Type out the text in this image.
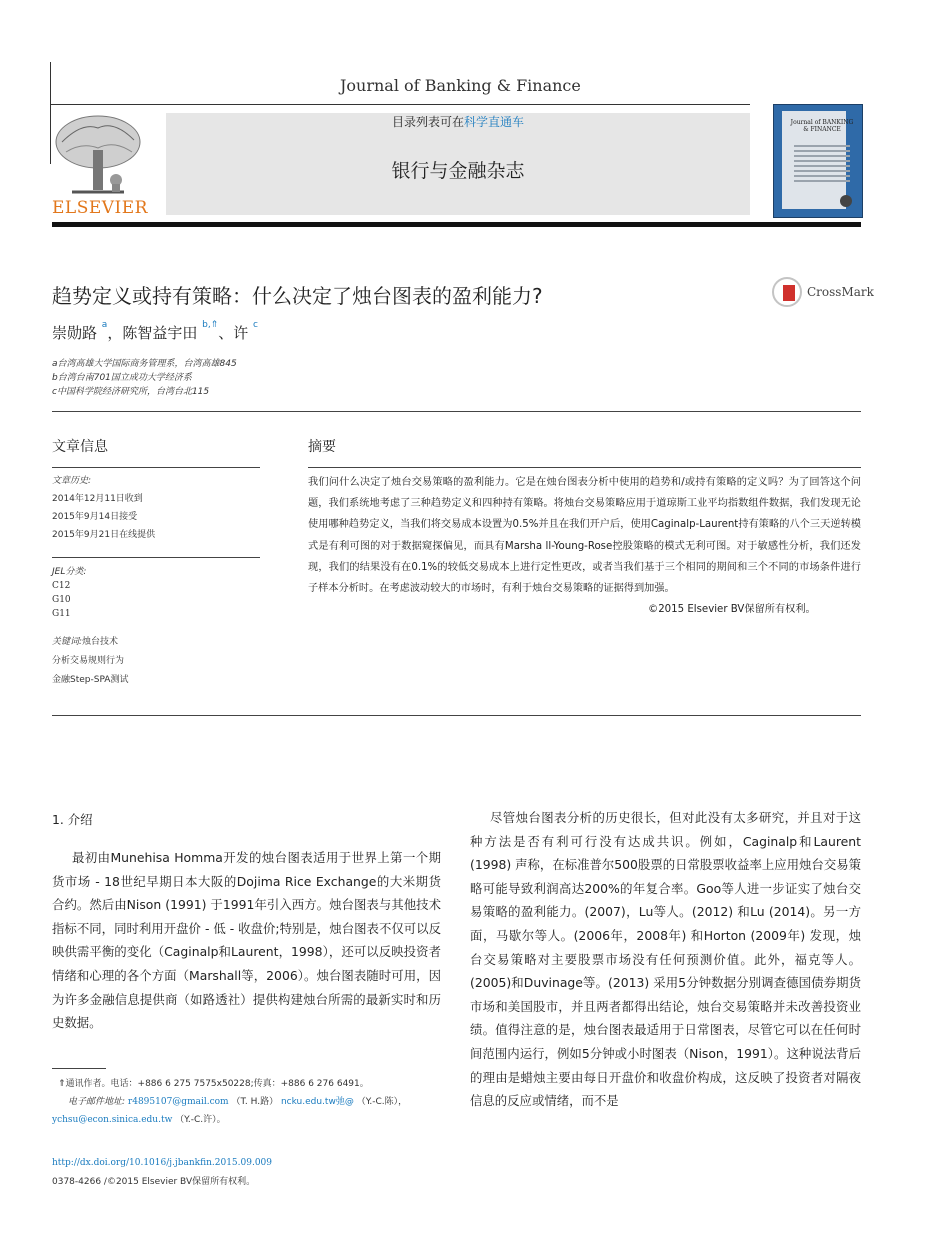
Journal of Banking & Finance
ELSEVIER
目录列表可在科学直通车
银行与金融杂志
Journal of BANKING & FINANCE
趋势定义或持有策略：什么决定了烛台图表的盈利能力?	CrossMark
崇勋路 $^a$，陈智益宇田 $^{b,⇑}$、许 $^c$
a台湾高雄大学国际商务管理系，台湾高雄845
b台湾台南701国立成功大学经济系
c中国科学院经济研究所，台湾台北115
文章信息
文章历史:
2014年12月11日收到
2015年9月14日接受
2015年9月21日在线提供
JEL分类:
C12
G10
G11
关键词:烛台技术
分析交易规则行为
金融Step-SPA测试
摘要
我们问什么决定了烛台交易策略的盈利能力。它是在烛台图表分析中使用的趋势和/或持有策略的定义吗？为了回答这个问题，我们系统地考虑了三种趋势定义和四种持有策略。将烛台交易策略应用于道琼斯工业平均指数组件数据，我们发现无论使用哪种趋势定义，当我们将交易成本设置为0.5%并且在我们开户后，使用Caginalp-Laurent持有策略的八个三天逆转模式是有利可图的对于数据窥探偏见，而具有Marsha ll-Young-Rose控股策略的模式无利可图。对于敏感性分析，我们还发现，我们的结果没有在0.1%的较低交易成本上进行定性更改，或者当我们基于三个相同的期间和三个不同的市场条件进行子样本分析时。在考虑波动较大的市场时，有利于烛台交易策略的证据得到加强。
©2015 Elsevier BV保留所有权利。
1. 介绍
最初由Munehisa Homma开发的烛台图表适用于世界上第一个期货市场 - 18世纪早期日本大阪的Dojima Rice Exchange的大米期货合约。然后由Nison (1991) 于1991年引入西方。烛台图表与其他技术指标不同，同时利用开盘价 - 低 - 收盘价;特别是，烛台图表不仅可以反映供需平衡的变化（Caginalp和Laurent，1998），还可以反映投资者情绪和心理的各个方面（Marshall等，2006）。烛台图表随时可用，因为许多金融信息提供商（如路透社）提供构建烛台所需的最新实时和历史数据。
尽管烛台图表分析的历史很长，但对此没有太多研究，并且对于这种方法是否有利可行没有达成共识。例如，Caginalp和Laurent (1998) 声称，在标准普尔500股票的日常股票收益率上应用烛台交易策略可能导致利润高达200%的年复合率。Goo等人进一步证实了烛台交易策略的盈利能力。(2007)，Lu等人。(2012) 和Lu (2014)。另一方面，马歇尔等人。(2006年，2008年) 和Horton (2009年) 发现，烛台交易策略对主要股票市场没有任何预测价值。此外，福克等人。(2005)和Duvinage等。(2013) 采用5分钟数据分别调查德国债券期货市场和美国股市，并且两者都得出结论，烛台交易策略并未改善投资业绩。值得注意的是，烛台图表最适用于日常图表，尽管它可以在任何时间范围内运行，例如5分钟或小时图表（Nison，1991）。这种说法背后的理由是蜡烛主要由每日开盘价和收盘价构成，这反映了投资者对隔夜信息的反应或情绪，而不是
⇑通讯作者。电话：+886 6 275 7575x50228;传真：+886 6 276 6491。
电子邮件地址: r4895107@gmail.com （T. H.路） ncku.edu.tw弛@ （Y.-C.陈），
ychsu@econ.sinica.edu.tw （Y.-C.许）。
http://dx.doi.org/10.1016/j.jbankfin.2015.09.009
0378-4266 /©2015 Elsevier BV保留所有权利。
